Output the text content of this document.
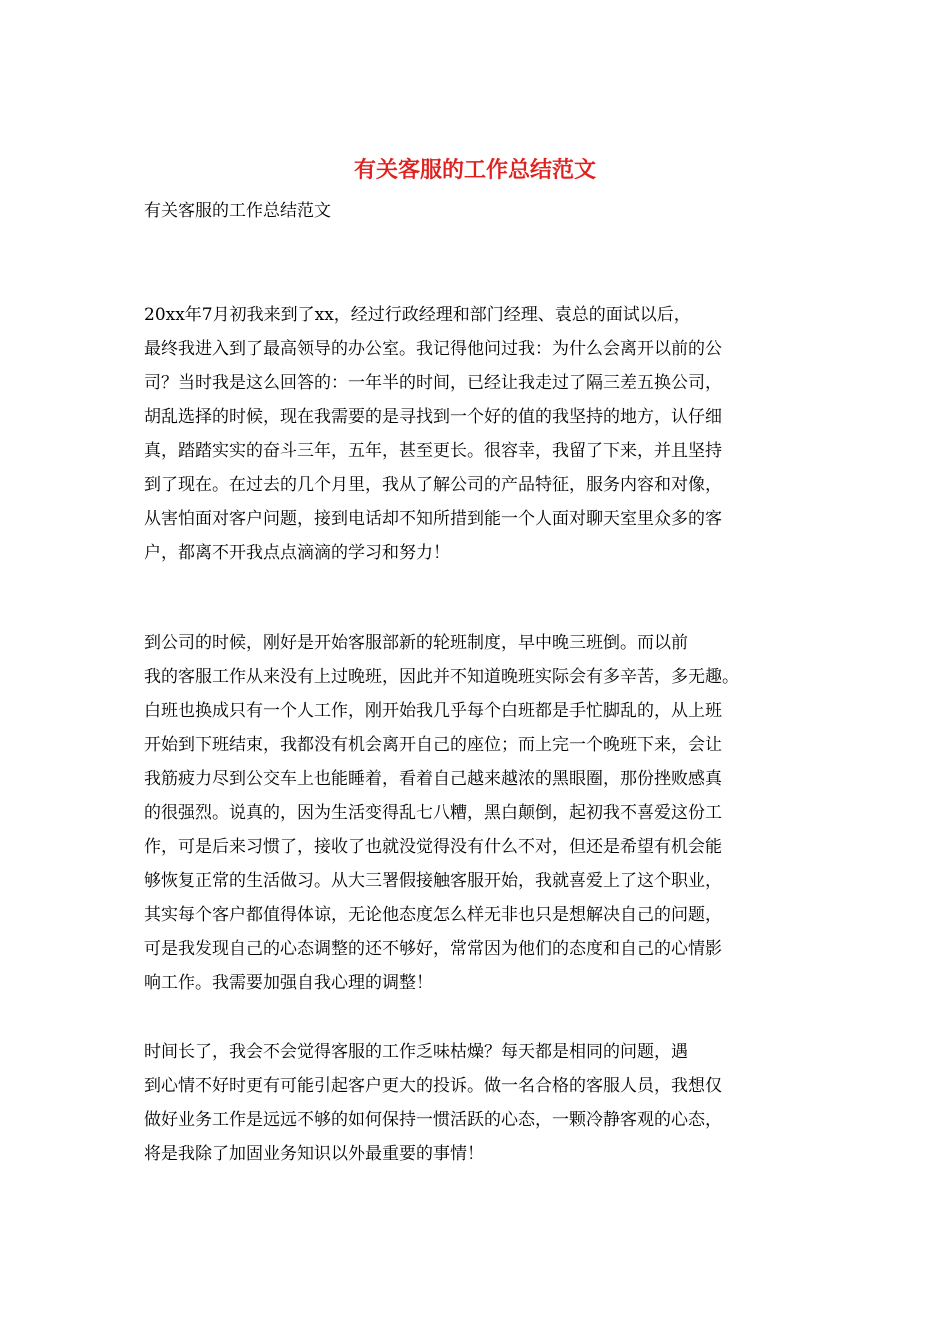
有关客服的工作总结范文

有关客服的工作总结范文

20xx年7月初我来到了xx，经过行政经理和部门经理、袁总的面试以后，
最终我进入到了最高领导的办公室。我记得他问过我：为什么会离开以前的公
司？当时我是这么回答的：一年半的时间，已经让我走过了隔三差五换公司，
胡乱选择的时候，现在我需要的是寻找到一个好的值的我坚持的地方，认仔细
真，踏踏实实的奋斗三年，五年，甚至更长。很容幸，我留了下来，并且坚持
到了现在。在过去的几个月里，我从了解公司的产品特征，服务内容和对像，
从害怕面对客户问题，接到电话却不知所措到能一个人面对聊天室里众多的客
户，都离不开我点点滴滴的学习和努力！

到公司的时候，刚好是开始客服部新的轮班制度，早中晚三班倒。而以前
我的客服工作从来没有上过晚班，因此并不知道晚班实际会有多辛苦，多无趣。
白班也换成只有一个人工作，刚开始我几乎每个白班都是手忙脚乱的，从上班
开始到下班结束，我都没有机会离开自己的座位；而上完一个晚班下来，会让
我筋疲力尽到公交车上也能睡着，看着自己越来越浓的黑眼圈，那份挫败感真
的很强烈。说真的，因为生活变得乱七八糟，黑白颠倒，起初我不喜爱这份工
作，可是后来习惯了，接收了也就没觉得没有什么不对，但还是希望有机会能
够恢复正常的生活做习。从大三署假接触客服开始，我就喜爱上了这个职业，
其实每个客户都值得体谅，无论他态度怎么样无非也只是想解决自己的问题，
可是我发现自己的心态调整的还不够好，常常因为他们的态度和自己的心情影
响工作。我需要加强自我心理的调整！

时间长了，我会不会觉得客服的工作乏味枯燥？每天都是相同的问题，遇
到心情不好时更有可能引起客户更大的投诉。做一名合格的客服人员，我想仅
做好业务工作是远远不够的如何保持一惯活跃的心态，一颗冷静客观的心态，
将是我除了加固业务知识以外最重要的事情！
